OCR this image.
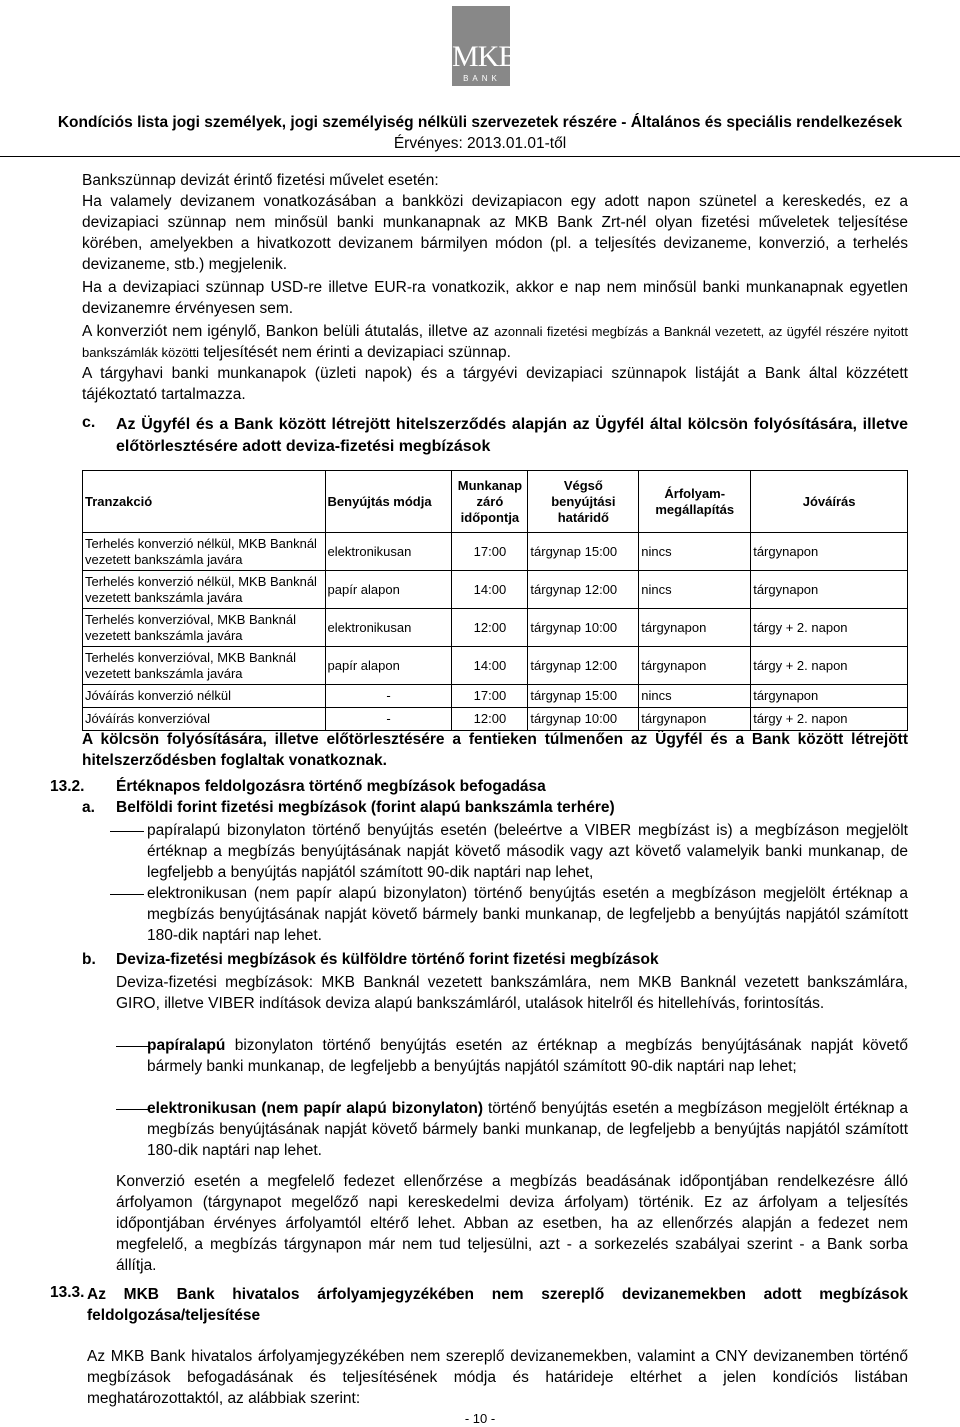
MKB
BANK
Kondíciós lista jogi személyek, jogi személyiség nélküli szervezetek részére - Általános és speciális rendelkezések
Érvényes: 2013.01.01-től

Bankszünnap devizát érintő fizetési művelet esetén:

Ha valamely devizanem vonatkozásában a bankközi devizapiacon egy adott napon szünetel a kereskedés, ez a devizapiaci szünnap nem minősül banki munkanapnak az MKB Bank Zrt-nél olyan fizetési műveletek teljesítése körében, amelyekben a hivatkozott devizanem bármilyen módon (pl. a teljesítés devizaneme, konverzió, a terhelés devizaneme, stb.) megjelenik.

Ha a devizapiaci szünnap USD-re illetve EUR-ra vonatkozik, akkor e nap nem minősül banki munkanapnak egyetlen devizanemre érvényesen sem.

A konverziót nem igénylő, Bankon belüli átutalás, illetve az azonnali fizetési megbízás a Banknál vezetett, az ügyfél részére nyitott bankszámlák közötti teljesítését nem érinti a devizapiaci szünnap.

A tárgyhavi banki munkanapok (üzleti napok) és a tárgyévi devizapiaci szünnapok listáját a Bank által közzétett tájékoztató tartalmazza.

c. Az Ügyfél és a Bank között létrejött hitelszerződés alapján az Ügyfél által kölcsön folyósítására, illetve előtörlesztésére adott deviza-fizetési megbízások
Tranzakció	Benyújtás módja	Munkanap záró időpontja	Végső benyújtási határidő	Árfolyam-megállapítás	Jóváírás
Terhelés konverzió nélkül, MKB Banknál vezetett bankszámla javára	elektronikusan	17:00	tárgynap 15:00	nincs	tárgynapon
Terhelés konverzió nélkül, MKB Banknál vezetett bankszámla javára	papír alapon	14:00	tárgynap 12:00	nincs	tárgynapon
Terhelés konverzióval, MKB Banknál vezetett bankszámla javára	elektronikusan	12:00	tárgynap 10:00	tárgynapon	tárgy + 2. napon
Terhelés konverzióval, MKB Banknál vezetett bankszámla javára	papír alapon	14:00	tárgynap 12:00	tárgynapon	tárgy + 2. napon
Jóváírás konverzió nélkül	-	17:00	tárgynap 15:00	nincs	tárgynapon
Jóváírás konverzióval	-	12:00	tárgynap 10:00	tárgynapon	tárgy + 2. napon
A kölcsön folyósítására, illetve előtörlesztésére a fentieken túlmenően az Ügyfél és a Bank között létrejött hitelszerződésben foglaltak vonatkoznak.
13.2. Értéknapos feldolgozásra történő megbízások befogadása
a. Belföldi forint fizetési megbízások (forint alapú bankszámla terhére)
papíralapú bizonylaton történő benyújtás esetén (beleértve a VIBER megbízást is) a megbízáson megjelölt értéknap a megbízás benyújtásának napját követő második vagy azt követő valamelyik banki munkanap, de legfeljebb a benyújtás napjától számított 90-dik naptári nap lehet,
elektronikusan (nem papír alapú bizonylaton) történő benyújtás esetén a megbízáson megjelölt értéknap a megbízás benyújtásának napját követő bármely banki munkanap, de legfeljebb a benyújtás napjától számított 180-dik naptári nap lehet.
b. Deviza-fizetési megbízások és külföldre történő forint fizetési megbízások
Deviza-fizetési megbízások: MKB Banknál vezetett bankszámlára, nem MKB Banknál vezetett bankszámlára, GIRO, illetve VIBER indítások deviza alapú bankszámláról, utalások hitelről és hitellehívás, forintosítás.
papíralapú bizonylaton történő benyújtás esetén az értéknap a megbízás benyújtásának napját követő bármely banki munkanap, de legfeljebb a benyújtás napjától számított 90-dik naptári nap lehet;
elektronikusan (nem papír alapú bizonylaton) történő benyújtás esetén a megbízáson megjelölt értéknap a megbízás benyújtásának napját követő bármely banki munkanap, de legfeljebb a benyújtás napjától számított 180-dik naptári nap lehet.
Konverzió esetén a megfelelő fedezet ellenőrzése a megbízás beadásának időpontjában rendelkezésre álló árfolyamon (tárgynapot megelőző napi kereskedelmi deviza árfolyam) történik. Ez az árfolyam a teljesítés időpontjában érvényes árfolyamtól eltérő lehet. Abban az esetben, ha az ellenőrzés alapján a fedezet nem megfelelő, a megbízás tárgynapon már nem tud teljesülni, azt - a sorkezelés szabályai szerint - a Bank sorba állítja.
13.3. Az MKB Bank hivatalos árfolyamjegyzékében nem szereplő devizanemekben adott megbízások feldolgozása/teljesítése
Az MKB Bank hivatalos árfolyamjegyzékében nem szereplő devizanemekben, valamint a CNY devizanemben történő megbízások befogadásának és teljesítésének módja és határideje eltérhet a jelen kondíciós listában meghatározottaktól, az alábbiak szerint:
- 10 -
